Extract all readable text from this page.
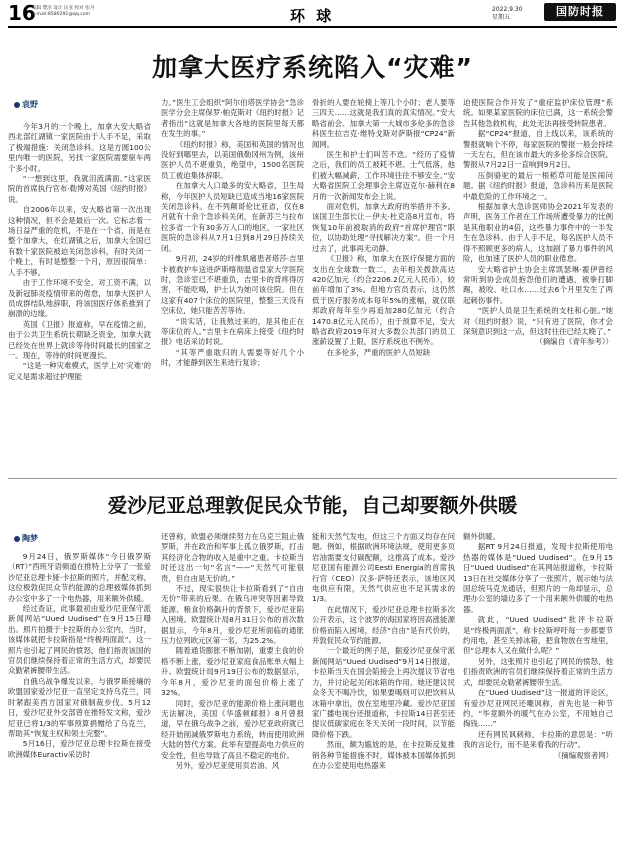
16
编辑 樊浩 设计 匡亚 校对 张丹
e-mail:8580291@qq.com	环 球	2022.9.30
星期五	国防时报
加拿大医疗系统陷入“灾难”
袁野

今年3月的一个晚上，加拿大安大略省西北部红湖镇一家医院由于人手不足，采取了极端措施：关闭急诊科。这是方圆100公里内唯一的医院，另找一家医院需要驱车两个多小时。

“一想到这里，我就泪流满面。”这家医院的首席执行官布·勒博对英国《纽约时报》说。

自2006年以来，安大略省第一次出现这种情况，但不会是最后一次。它标志着一场日益严重的危机，不是在一个省，而是在整个加拿大，在红湖镇之后，加拿大全国已有数十家医院被迫关闭急诊科，有时关闭一个晚上，有时是整整一个月，原因很简单：人手不够。

由于工作环境不安全、对工资不满，以及新冠肺炎疫情带来的倦怠，加拿大医护人员成群结队地辞职，将该国医疗体系推到了崩溃的边缘。

英国《卫报》报道称，早在疫情之前，由于公共卫生系统长期缺乏资金，加拿大就已经处在世界上就诊等待时间最长的国家之一。现在，等待的时间更漫长。

“这是一种灾难模式，医学上对‘灾难’的定义是需求超过护理能

力。”医生工会组织“阿尔伯塔医学协会”急诊医学分会主席保罗·帕克斯对《纽约时报》记者指出“这就是加拿大各地的医院里每天都在发生的事。”

《纽约时报》称，美国和英国的情况也没好到哪里去，以美国俄勒冈州为例，该州医护人员不堪重负，绝望中，1500名医院员工被迫集体辞职。

在加拿大人口最多的安大略省，卫生局称，今年医护人员短缺已造成当地16家医院关闭急诊科。在不列颠哥伦比亚省，仅在8月就有十余个急诊科关闭，在新苏兰与拉布拉多省一个有30多万人口的地区，一家社区医院的急诊科从7月1日到8月29日持续关闭。

9月初，24岁的纤维肌痛患者塔莎·吉里卡被救护车送进萨斯喀彻温省皇家大学医院时，急诊室已不堪重负，吉里卡的背疼得厉害，不能吃喝，护士认为她可该住院。但在这家有407个床位的医院里，整整三天没有空床位，她只能苦苦等待。

“说实话，让我熬过来的，是其他正在等床位的人。”吉里卡在病床上接受《纽约时报》电话采访时说。

“其等严重耽归的人需要等好几个小时，才能静到医生来进行复诊；

骨折的人要在轮椅上等几个小时；老人要等三四天……这就是我们真的真实情况。”安大略省前会、加拿大第一大城市多伦多的急诊科医生拉吉克·维特戈斯对萨斯报“CP24”新闻网。

医生和护士们叫苦不迭。“经历了疫情之后，我们的员工被耗不堪。士气低落，他们被大幅减薪，工作环境往往不够安全。”安大略省医院工会理事会主席迈克尔·赫利在8月的一次新闻发布会上说。

面对危机，加拿大政府的举措并不多。该国卫生部长让－伊夫·杜克洛8月宣布，将恢复10年前被取消的政府“首席护理官”职位，以协助处理“寻找解决方案”。但一个月过去了，此事再无动静。

《卫报》称，加拿大在医疗保健方面的支出在全球数一数二，去年相关拨款高达420亿加元（约合2206.2亿元人民币），较前年增加了3%。但地方官员表示，这仍然低于医疗服务成本每年5%的涨幅，就仅联邦政府每年至少再追加280亿加元（约合1470.8亿元人民币），由于预算不足，安大略省政府2019年对大多数公共部门的员工涨薪设置了上限，医疗系统也不例外。

在多伦多，严重的医护人员短缺

迫使医院合作开发了“重症监护床位管理”系统。如果某家医院的床位已满，这一系统会警告其他急救机构，此处无法再接受转院患者。

据“CP24”报道，自上线以来，该系统的警报就响个不停，每家医院的警报一般会持续一天左右，但在该市最大的多伦多综合医院，警报从7月22日一直响到9月2日。

压倒骆驼的最后一根稻草可能是医闹问题。据《纽约时报》报道，急诊科历来是医院中最危险的工作环境之一。

根据加拿大急诊医师协会2021年发表的声明，医务工作者在工作场所遭受暴力的比例是其他职业的4倍，这些暴力事件中的一半发生在急诊科。由于人手不足，每名医护人员不得不照顾更多的病人，这加剧了暴力事件的风险，也加速了医护人员的职业倦怠。

安大略省护士协会主席凯瑟琳·霍伊曾经常听到协会成员抱怨他们的遭遇，被拳打脚踢，被咬、吐口水……过去6个月里发生了两起刺伤事件。

“医护人员是卫生系统的支柱和心脏。”她对《纽约时报》说，“只有进了医院，你才会深刻意识到这一点，但这时往往已经太晚了。”

（摘编自《青年参考》）

爱沙尼亚总理敦促民众节能，自己却要额外供暖
陶梦

9月24日，俄罗斯媒体“今日俄罗斯（RT）”西班牙语频道在推特上分享了一张爱沙尼亚总理卡娅·卡拉斯的照片，并配文称，这位极敦促民众节约能源的总理被媒体抓到办公室中多了一个电热器，用来额外供暖。

经过查证，此事最初由爱沙尼亚保守派新闻网站“Uued Uudised”在9月15日曝出。照片拍摄于卡拉斯的办公室内，当时，该媒体就把卡拉斯指是“终极两面派”。这一照片也引起了网民的愤怒，他们指责该国的官员们继续保持着正常的生活方式，却要民众勤紧裤腰带生活。

自俄乌战争爆发以来，与俄罗斯接壤的欧盟国家爱沙尼亚一直坚定支持乌克兰，同时紧跟美西方国家对俄制裁步伐。5月12日，爱沙尼亚外交部曾在推特发文称，爱沙尼亚已将1/3的军事预算捐赠给了乌克兰，帮助其“恢复主权和领土完整”。

5月16日，爱沙尼亚总理卡拉斯在接受欧洲媒体Euractiv采访时

还曾称，欧盟必须继续努力在乌克兰阻止俄罗斯，并在政治和军事上孤立俄罗斯，打击其经济化合物的收入是重中之重。卡拉斯当时还这出一句“名言”——“天然气可能很贵，但自由是无价的。”

不过，现实很快让卡拉斯看到了“自由无价”带来的后果。在俄乌冲突等因素导致能源、粮食价格飙升的背景下，爱沙尼亚陷入困境。欧盟统计局8月31日公布的首次数据显示，今年8月，爱沙尼亚所面临的通胀压力位列欧元区第一名，为25.2%。

随着通货膨胀不断加剧，重要主食的价格不断上涨，爱沙尼亚家庭食品账单大幅上升。欧盟统计局9月19日公布的数据显示，今年8月，爱沙尼亚的面包价格上涨了32%。

同时，爱沙尼亚的能源价格上涨问题也无法解决，美国《华盛顿邮报》8月曾报道，早在俄乌战争之前，爱沙尼亚政府就已经开始削减俄罗斯电力系统，转而使用欧洲大陆的替代方案。此举有望提高电力供应的安全性，但也导致了高且不稳定的电价。

另外，爱沙尼亚使用页岩油、风

能和天然气发电，但这三个方面又均存在问题。例如，根据欧洲环境法规，使用更多页岩油需要支付碳配额，这推高了成本。爱沙尼亚国有能源公司Eesti Energia的首席执行官（CEO）汉多·萨特还表示，该地区风电供应有限，天然气供应也不足其需求的1/3。

在此情况下，爱沙尼亚总理卡拉斯多次公开表示，这个波罗的海国家将因高涨能源价格而陷入困境，经济“自由”是有代价的，并敦促民众节约能源。

一个最近的例子是，据爱沙尼亚保守派新闻网站“Uued Uudised”9月14日报道，卡拉斯当天在国会陷接会上再次提议节省电力，并讨论起关闭冰箱的作用。她还建议民众冬天不喝冷饮，如果要喝则可以把饮料从冰箱中拿出，放在室地里冷藏。爱沙尼亚国家广播电视台还报道称，卡拉斯14日甚至还提议低碳家庭在冬天关闭一段时间，以节能降价格下跌。

然而，颇为尴尬的是，在卡拉斯反复推销各种节能措施不时，媒体被本国媒体抓到在办公室使用电热器来

额外供暖。

据RT 9月24日报道，发现卡拉斯使用电热器的媒体是“Uued Uudised”。在9月15日“Uued Uudised”在其网站报道称，卡拉斯13日在社交媒体分享了一张照片，展示她与法国总统马克龙通话，但照片的一角却显示，总理办公室的墙边多了一个用来额外供暖的电热器。

就此，“Uued Uudised”批评卡拉斯是“终极两面派”，称卡拉斯呼吁每一步都要节约用电，甚至关掉冰箱，把食物放在雪地里，但“总理本人又在做什么呢？”

另外，这张照片也引起了网民的愤怒，他们指责欧洲的官员们继续保持着正常的生活方式，却要民众勒紧裤腰带生活。

在“Uued Uudised”这一报道的评论区，有爱沙尼亚网民还嘲讽称，首先也是一种节约，“毕竟额外的暖气在办公室，不用她自己掏钱……”

还有网民讽刺称，卡拉斯的意思是：“听我的言论行，而不是来看我的行动”。

（摘编观察者网）
